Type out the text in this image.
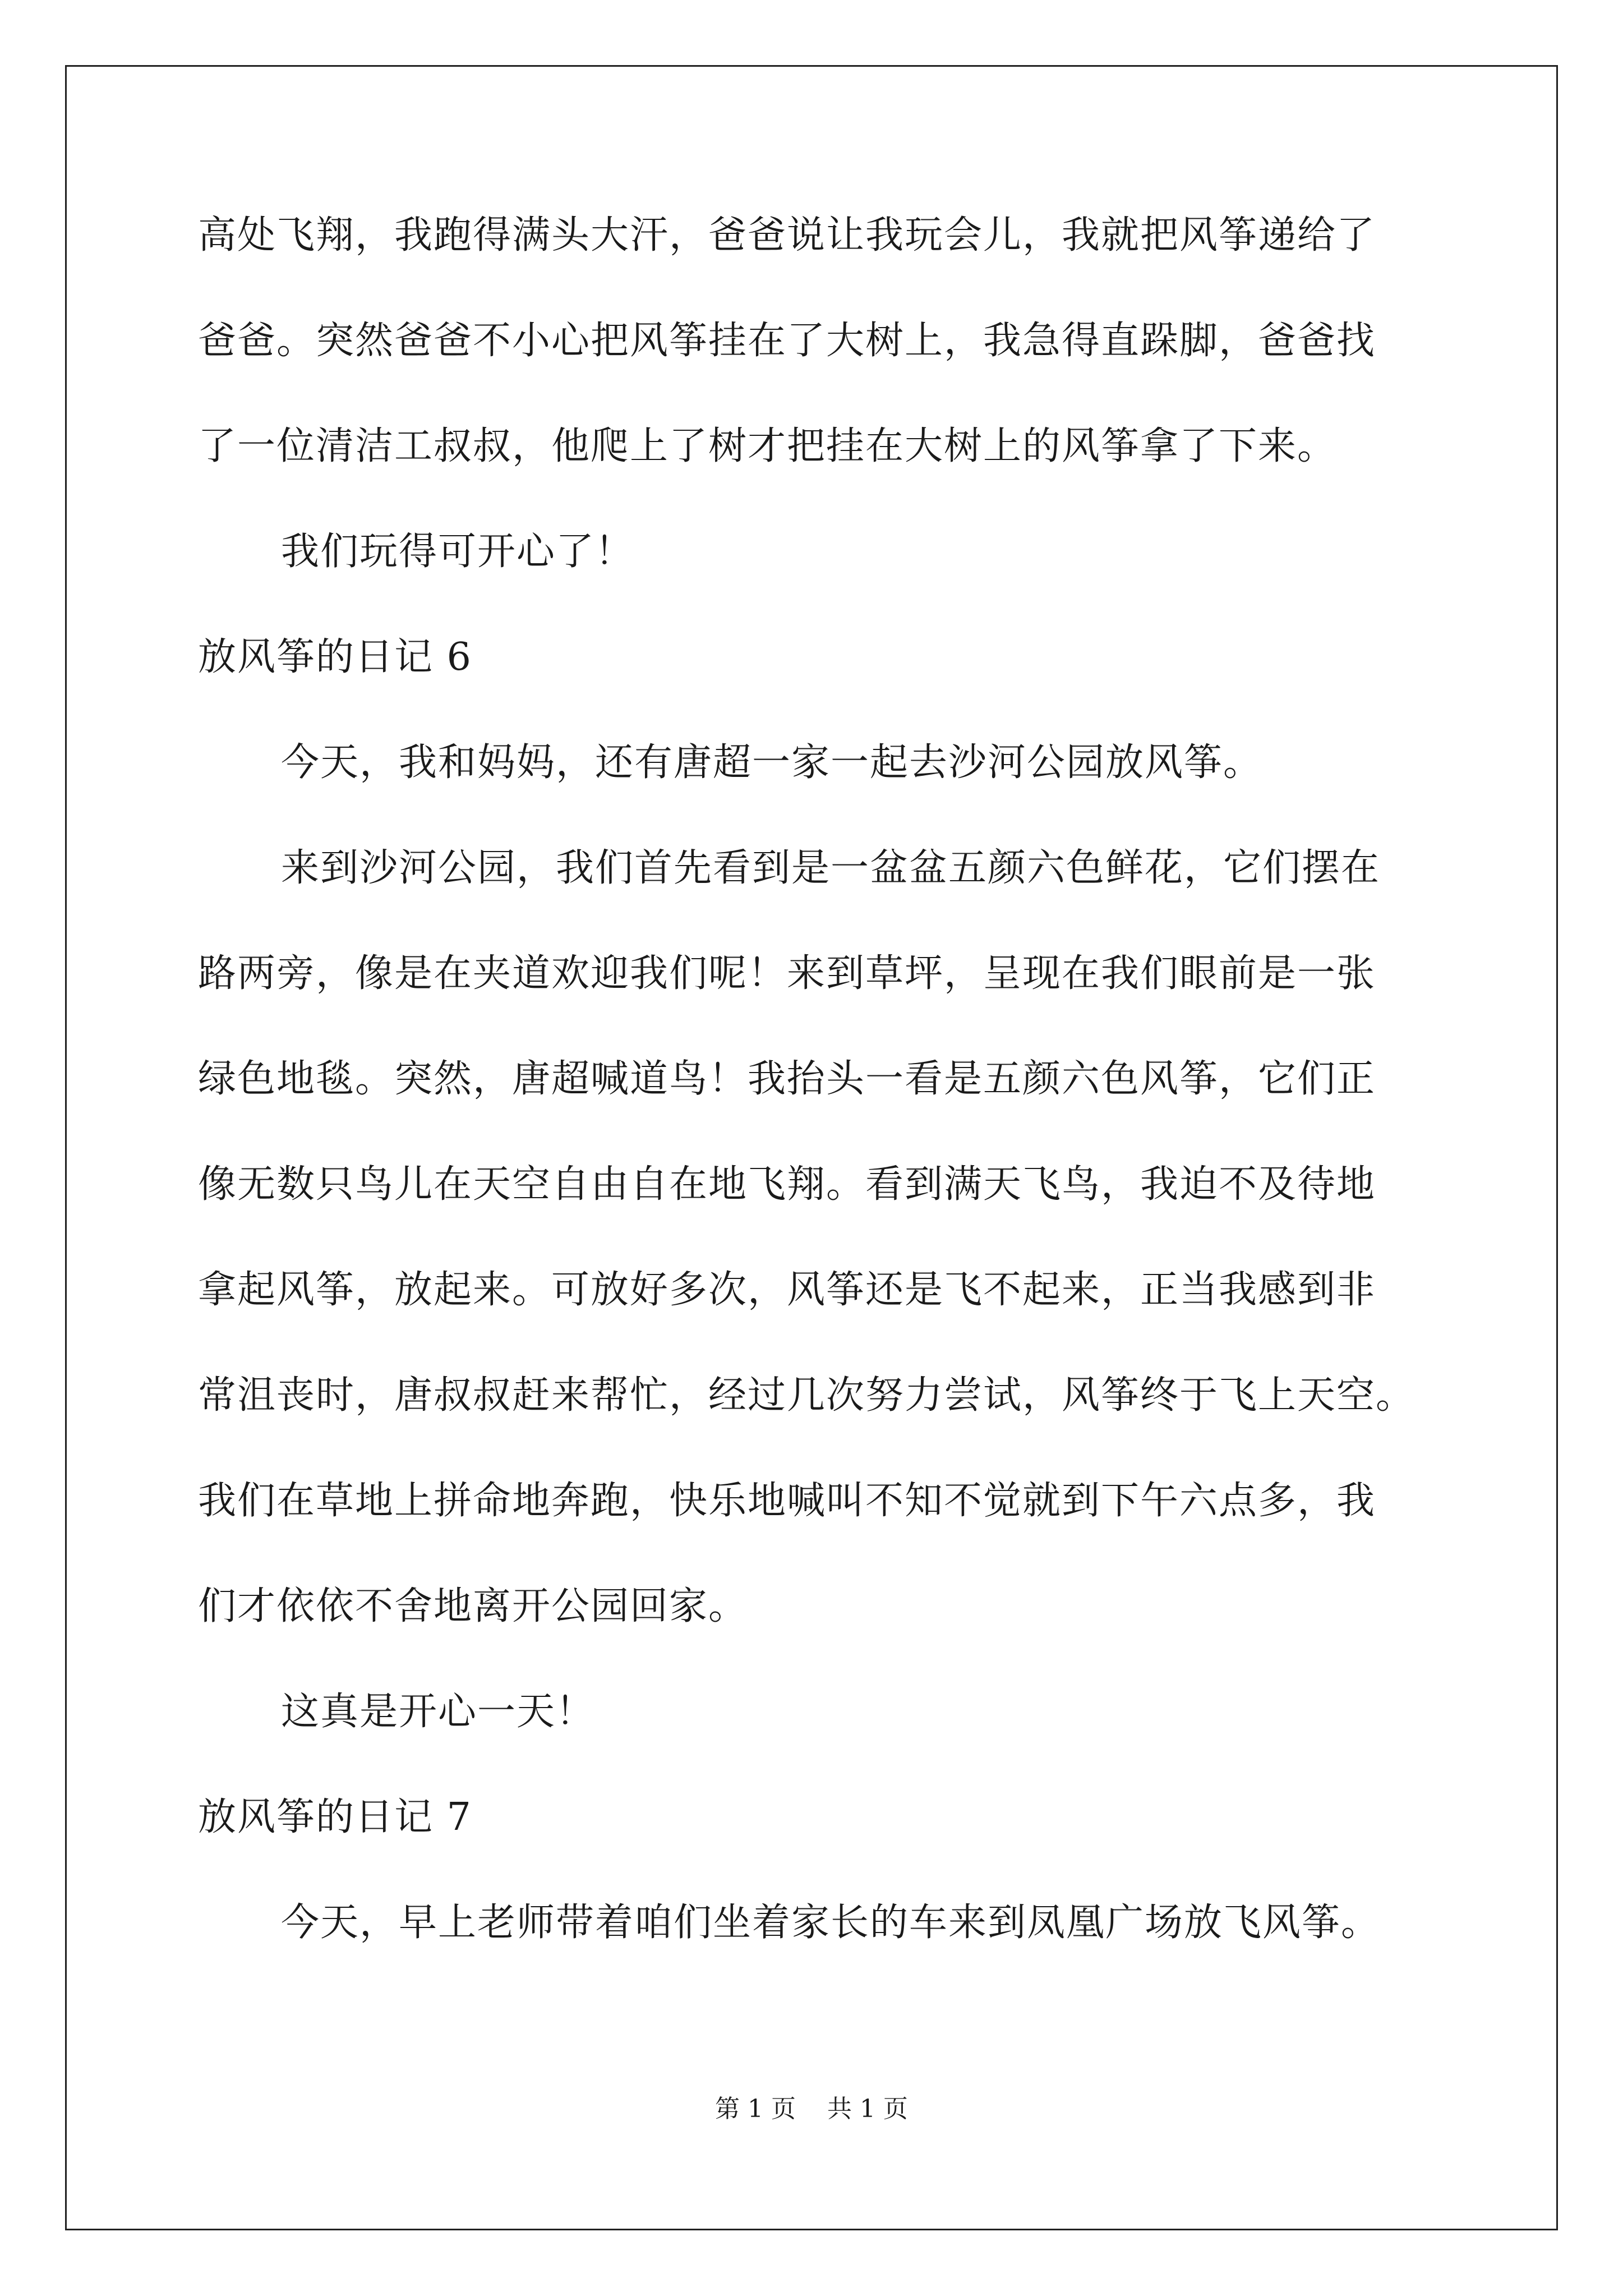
高处飞翔，我跑得满头大汗，爸爸说让我玩会儿，我就把风筝递给了
爸爸。突然爸爸不小心把风筝挂在了大树上，我急得直跺脚，爸爸找
了一位清洁工叔叔，他爬上了树才把挂在大树上的风筝拿了下来。
我们玩得可开心了！
放风筝的日记 6
今天，我和妈妈，还有唐超一家一起去沙河公园放风筝。
来到沙河公园，我们首先看到是一盆盆五颜六色鲜花，它们摆在
路两旁，像是在夹道欢迎我们呢！来到草坪，呈现在我们眼前是一张
绿色地毯。突然，唐超喊道鸟！我抬头一看是五颜六色风筝，它们正
像无数只鸟儿在天空自由自在地飞翔。看到满天飞鸟，我迫不及待地
拿起风筝，放起来。可放好多次，风筝还是飞不起来，正当我感到非
常沮丧时，唐叔叔赶来帮忙，经过几次努力尝试，风筝终于飞上天空。
我们在草地上拼命地奔跑，快乐地喊叫不知不觉就到下午六点多，我
们才依依不舍地离开公园回家。
这真是开心一天！
放风筝的日记 7
今天，早上老师带着咱们坐着家长的车来到凤凰广场放飞风筝。
第 1 页    共 1 页
